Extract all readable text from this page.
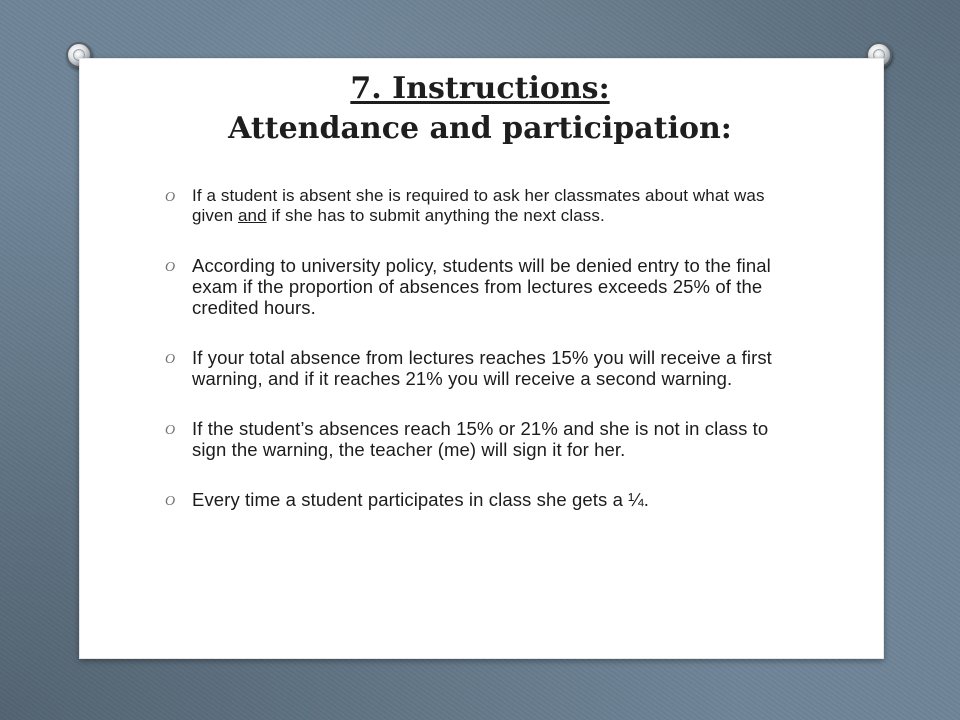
7. Instructions:
Attendance and participation:
O If a student is absent she is required to ask her classmates about what was given and if she has to submit anything the next class.
O According to university policy, students will be denied entry to the final exam if the proportion of absences from lectures exceeds 25% of the credited hours.
O If your total absence from lectures reaches 15% you will receive a first warning, and if it reaches 21% you will receive a second warning.
O If the student’s absences reach 15% or 21% and she is not in class to sign the warning, the teacher (me) will sign it for her.
O Every time a student participates in class she gets a ¼.
